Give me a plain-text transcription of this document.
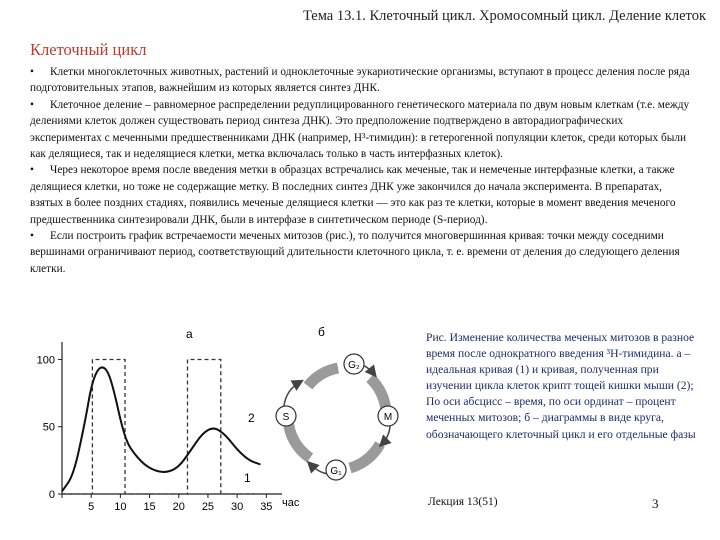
Тема 13.1. Клеточный цикл. Хромосомный цикл. Деление клеток
Клеточный цикл

• Клетки многоклеточных животных, растений и одноклеточные эукариотические организмы, вступают в процесс деления после ряда подготовительных этапов, важнейшим из которых является синтез ДНК.

• Клеточное деление – равномерное распределении редуплицированного генетического материала по двум новым клеткам (т.е. между делениями клеток должен существовать период синтеза ДНК). Это предположение подтверждено в авторадиографических экспериментах с меченными предшественниками ДНК (например, Н³-тимидин): в гетерогенной популяции клеток, среди которых были как делящиеся, так и неделящиеся клетки, метка включалась только в часть интерфазных клеток).

• Через некоторое время после введения метки в образцах встречались как меченые, так и немеченые интерфазные клетки, а также делящиеся клетки, но тоже не содержащие метку. В последних синтез ДНК уже закончился до начала эксперимента. В препаратах, взятых в более поздних стадиях, появились меченые делящиеся клетки — это как раз те клетки, которые в момент введения меченого предшественника синтезировали ДНК, были в интерфазе в синтетическом периоде (S-период).

• Если построить график встречаемости меченых митозов (рис.), то получится многовершинная кривая: точки между соседними вершинами ограничивают период, соответствующий длительности клеточного цикла, т. е. времени от деления до следующего деления клетки.

5 10 15 20 25 30 35
0
50
100
а
2
1
час
б
G₂
M
G₁
S

Рис. Изменение количества меченых митозов в разное время после однократного введения ³Н-тимидина. а – идеальная кривая (1) и кривая, полученная при изучении цикла клеток крипт тощей кишки мыши (2); По оси абсцисс – время, по оси ординат – процент меченных митозов; б – диаграммы в виде круга, обозначающего клеточный цикл и его отдельные фазы

Лекция 13(51)	3
